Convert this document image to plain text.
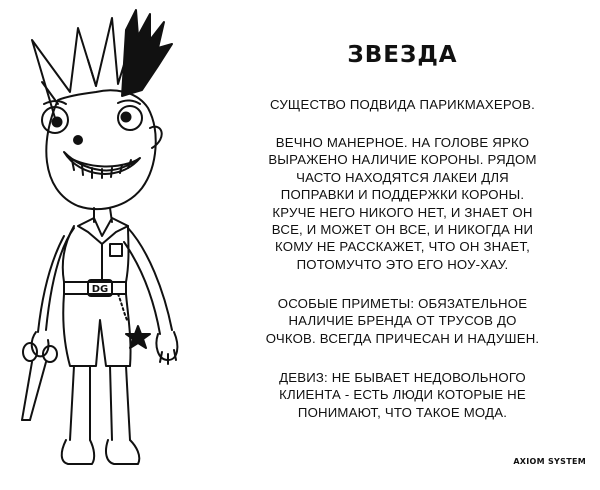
DG
ЗВЕЗДА
СУЩЕСТВО ПОДВИДА ПАРИКМАХЕРОВ.
ВЕЧНО МАНЕРНОЕ. НА ГОЛОВЕ ЯРКО
ВЫРАЖЕНО НАЛИЧИЕ КОРОНЫ. РЯДОМ
ЧАСТО НАХОДЯТСЯ ЛАКЕИ ДЛЯ
ПОПРАВКИ И ПОДДЕРЖКИ КОРОНЫ.
КРУЧЕ НЕГО НИКОГО НЕТ, И ЗНАЕТ ОН
ВСЕ, И МОЖЕТ ОН ВСЕ, И НИКОГДА НИ
КОМУ НЕ РАССКАЖЕТ, ЧТО ОН ЗНАЕТ,
ПОТОМУЧТО ЭТО ЕГО НОУ-ХАУ.
ОСОБЫЕ ПРИМЕТЫ: ОБЯЗАТЕЛЬНОЕ
НАЛИЧИЕ БРЕНДА ОТ ТРУСОВ ДО
ОЧКОВ. ВСЕГДА ПРИЧЕСАН И НАДУШЕН.
ДЕВИЗ: НЕ БЫВАЕТ НЕДОВОЛЬНОГО
КЛИЕНТА - ЕСТЬ ЛЮДИ КОТОРЫЕ НЕ
ПОНИМАЮТ, ЧТО ТАКОЕ МОДА.
AXIOM SYSTEM
